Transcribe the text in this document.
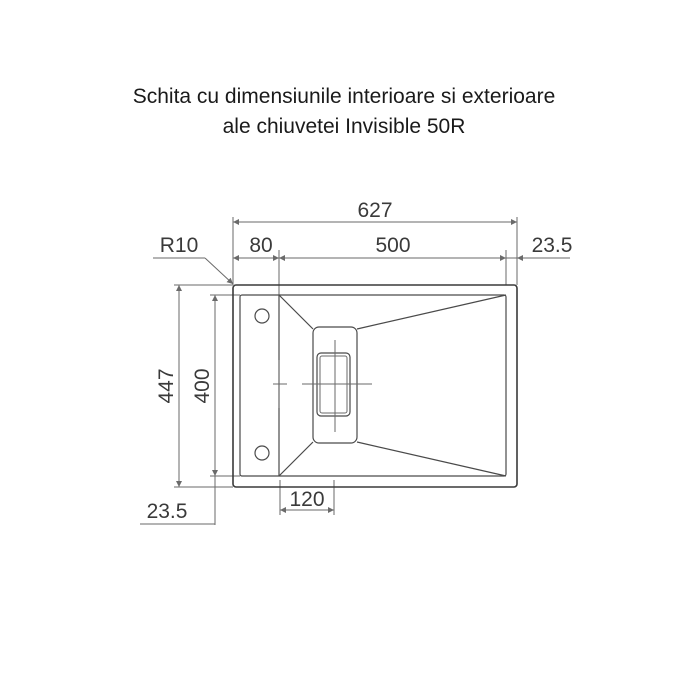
Schita cu dimensiunile interioare si exterioare
ale chiuvetei Invisible 50R
627
R10 80	500	23.5
447 400
23.5
120
